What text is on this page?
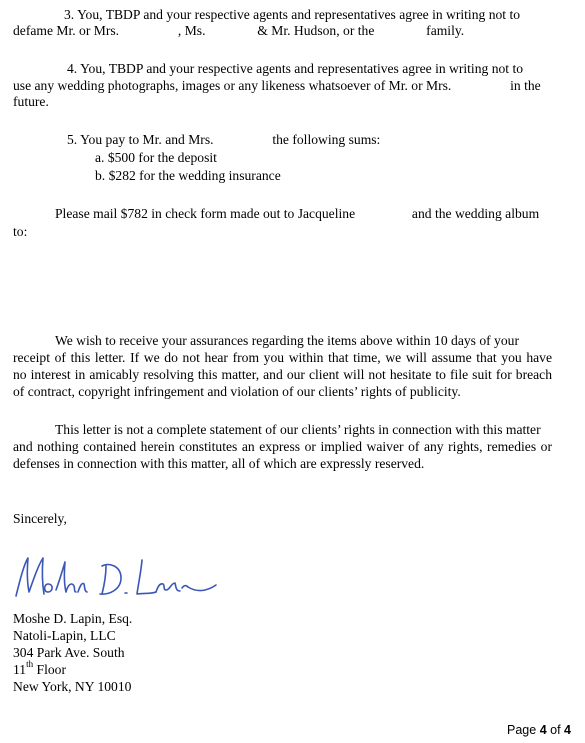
3. You, TBDP and your respective agents and representatives agree in writing not to
defame Mr. or Mrs.	, Ms.	& Mr. Hudson, or the	family.
4. You, TBDP and your respective agents and representatives agree in writing not to
use any wedding photographs, images or any likeness whatsoever of Mr. or Mrs.	in the
future.
5. You pay to Mr. and Mrs.	the following sums:
a. $500 for the deposit
b. $282 for the wedding insurance
Please mail $782 in check form made out to Jacqueline	and the wedding album
to:
We wish to receive your assurances regarding the items above within 10 days of your
receipt of this letter. If we do not hear from you within that time, we will assume that you have
no interest in amicably resolving this matter, and our client will not hesitate to file suit for breach
of contract, copyright infringement and violation of our clients’ rights of publicity.
This letter is not a complete statement of our clients’ rights in connection with this matter
and nothing contained herein constitutes an express or implied waiver of any rights, remedies or
defenses in connection with this matter, all of which are expressly reserved.
Sincerely,
Moshe D. Lapin, Esq.
Natoli-Lapin, LLC
304 Park Ave. South
11th Floor
New York, NY 10010
Page 4 of 4
